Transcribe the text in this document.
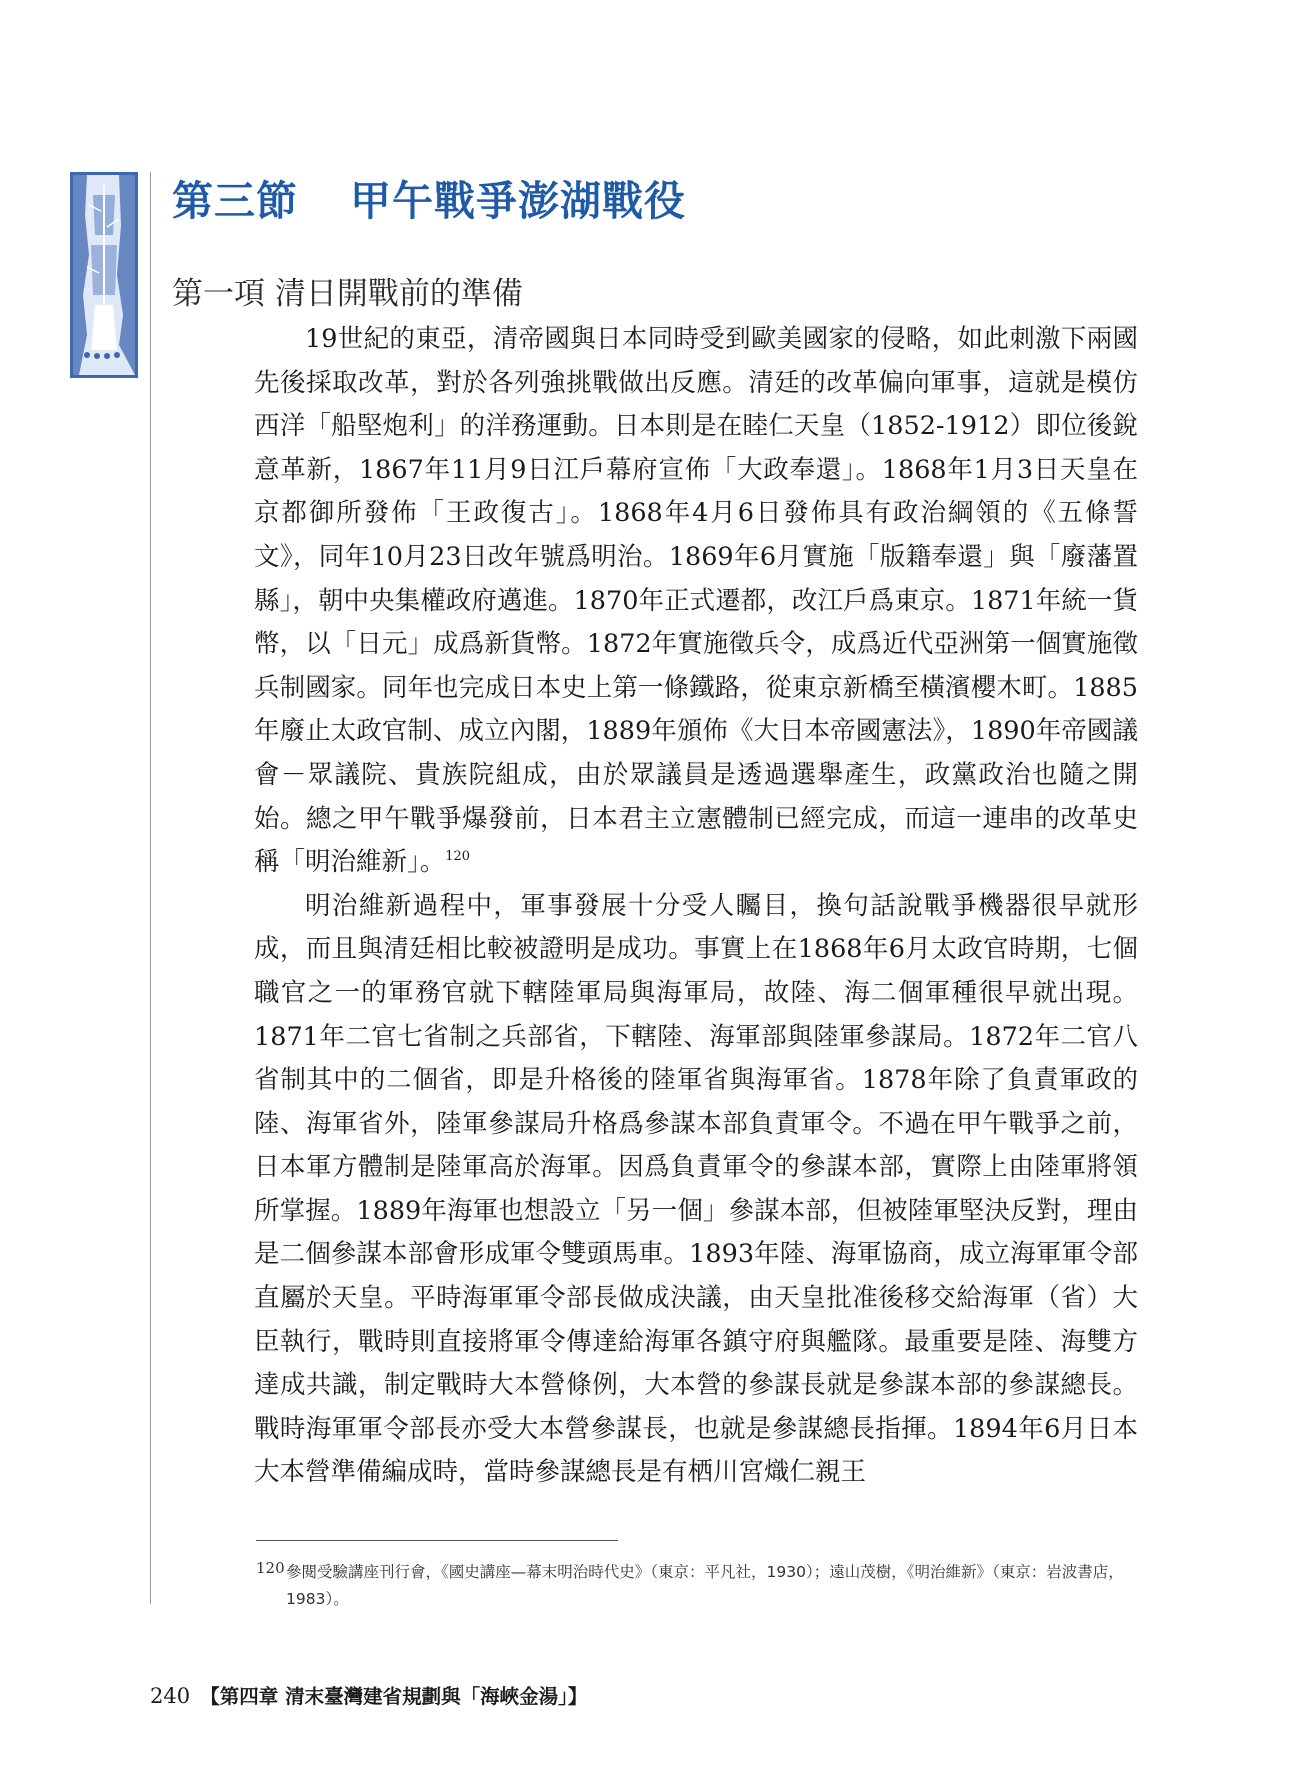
第三節 甲午戰爭澎湖戰役
第一項 清日開戰前的準備

19世紀的東亞，清帝國與日本同時受到歐美國家的侵略，如此刺激下兩國先後採取改革，對於各列強挑戰做出反應。清廷的改革偏向軍事，這就是模仿西洋「船堅炮利」的洋務運動。日本則是在睦仁天皇（1852-1912）即位後銳意革新，1867年11月9日江戶幕府宣佈「大政奉還」。1868年1月3日天皇在京都御所發佈「王政復古」。1868年4月6日發佈具有政治綱領的《五條誓文》，同年10月23日改年號爲明治。1869年6月實施「版籍奉還」與「廢藩置縣」，朝中央集權政府邁進。1870年正式遷都，改江戶爲東京。1871年統一貨幣，以「日元」成爲新貨幣。1872年實施徵兵令，成爲近代亞洲第一個實施徵兵制國家。同年也完成日本史上第一條鐵路，從東京新橋至橫濱櫻木町。1885年廢止太政官制、成立內閣，1889年頒佈《大日本帝國憲法》，1890年帝國議會－眾議院、貴族院組成，由於眾議員是透過選舉產生，政黨政治也隨之開始。總之甲午戰爭爆發前，日本君主立憲體制已經完成，而這一連串的改革史稱「明治維新」。$^{120}$

明治維新過程中，軍事發展十分受人矚目，換句話說戰爭機器很早就形成，而且與清廷相比較被證明是成功。事實上在1868年6月太政官時期，七個職官之一的軍務官就下轄陸軍局與海軍局，故陸、海二個軍種很早就出現。1871年二官七省制之兵部省，下轄陸、海軍部與陸軍參謀局。1872年二官八省制其中的二個省，即是升格後的陸軍省與海軍省。1878年除了負責軍政的陸、海軍省外，陸軍參謀局升格爲參謀本部負責軍令。不過在甲午戰爭之前，日本軍方體制是陸軍高於海軍。因爲負責軍令的參謀本部，實際上由陸軍將領所掌握。1889年海軍也想設立「另一個」參謀本部，但被陸軍堅決反對，理由是二個參謀本部會形成軍令雙頭馬車。1893年陸、海軍協商，成立海軍軍令部直屬於天皇。平時海軍軍令部長做成決議，由天皇批准後移交給海軍（省）大臣執行，戰時則直接將軍令傳達給海軍各鎮守府與艦隊。最重要是陸、海雙方達成共識，制定戰時大本營條例，大本營的參謀長就是參謀本部的參謀總長。戰時海軍軍令部長亦受大本營參謀長，也就是參謀總長指揮。1894年6月日本大本營準備編成時，當時參謀總長是有栖川宮熾仁親王

120 參閱受驗講座刊行會，《國史講座—幕末明治時代史》（東京：平凡社，1930）；遠山茂樹，《明治維新》（東京：岩波書店，1983）。
240 【第四章 清末臺灣建省規劃與「海峽金湯」】
